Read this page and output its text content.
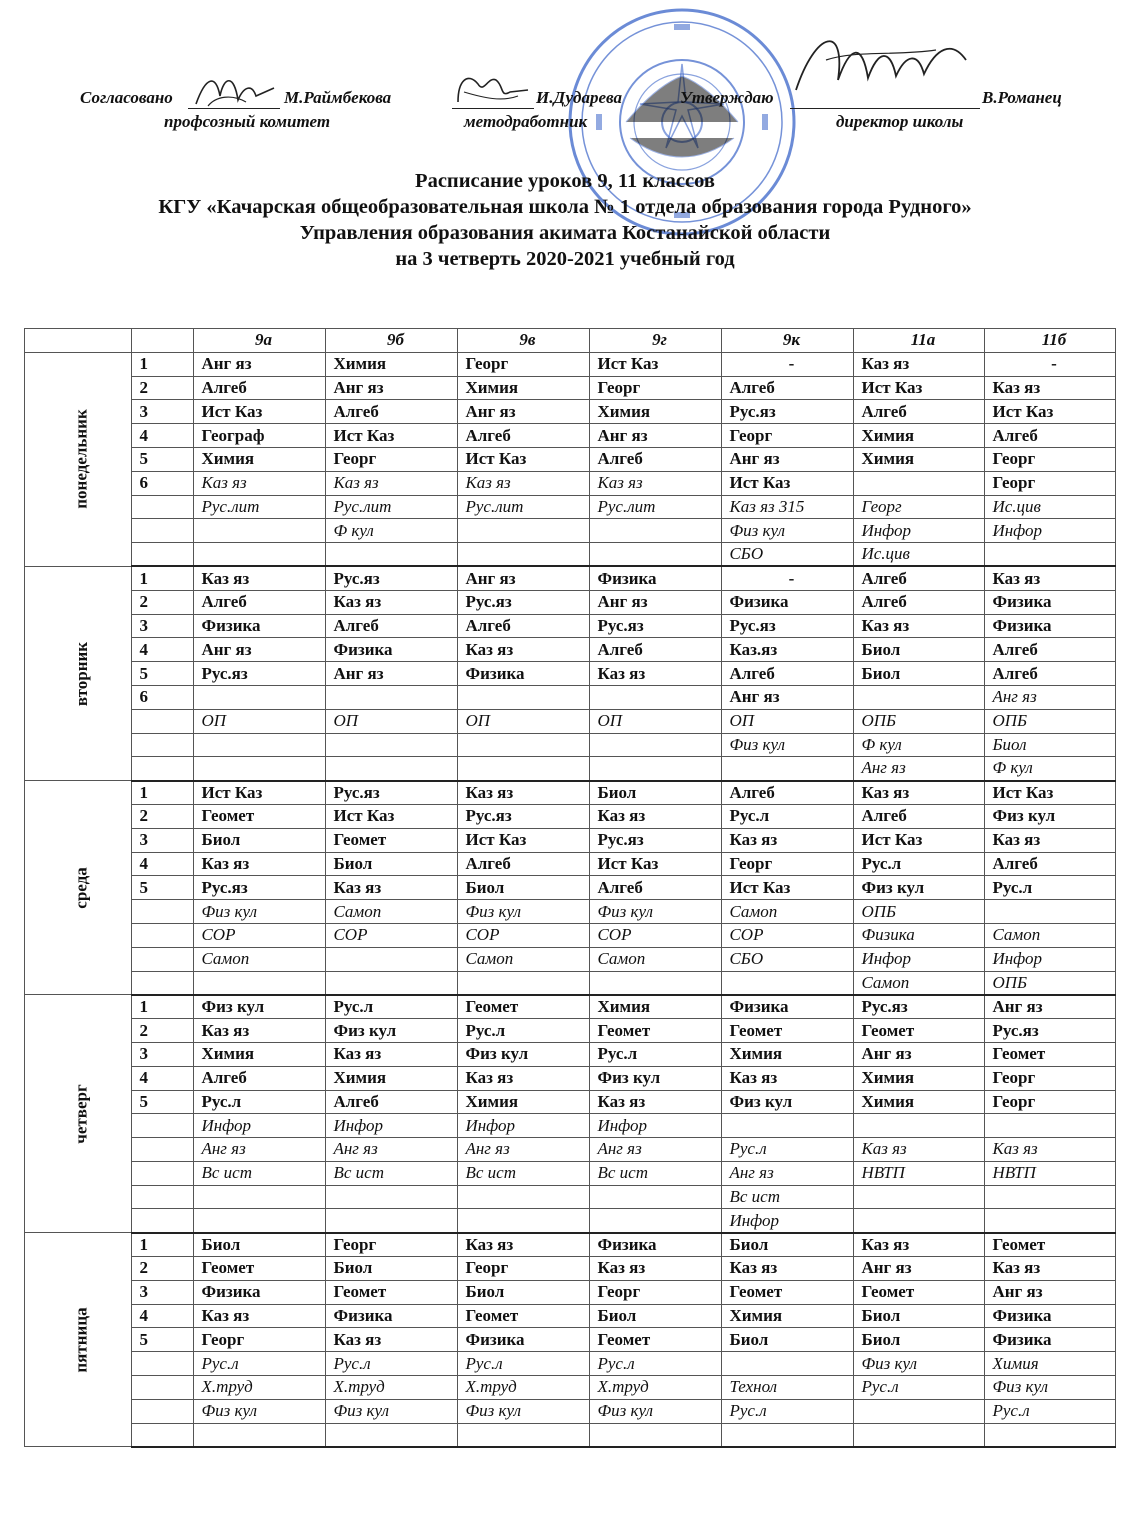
Согласовано	М.Раймбекова
профсозный комитет
И.Дударева
методработник
Утверждаю	В.Романец
директор школы
Расписание уроков 9, 11 классов
КГУ «Качарская общеобразовательная школа № 1 отдела образования города Рудного»
Управления образования акимата Костанайской области
на 3 четверть 2020-2021 учебный год
		9а	9б	9в	9г	9к	11а	11б
понедельник	1	Анг яз	Химия	Георг	Ист Каз	-	Каз яз	-
	2	Алгеб	Анг яз	Химия	Георг	Алгеб	Ист Каз	Каз яз
	3	Ист Каз	Алгеб	Анг яз	Химия	Рус.яз	Алгеб	Ист Каз
	4	Географ	Ист Каз	Алгеб	Анг яз	Георг	Химия	Алгеб
	5	Химия	Георг	Ист Каз	Алгеб	Анг яз	Химия	Георг
	6	Каз яз	Каз яз	Каз яз	Каз яз	Ист Каз		Георг
		Рус.лит	Рус.лит	Рус.лит	Рус.лит	Каз яз 315	Георг	Ис.цив
			Ф кул			Физ кул	Инфор	Инфор
						СБО	Ис.цив	
вторник	1	Каз яз	Рус.яз	Анг яз	Физика	-	Алгеб	Каз яз
	2	Алгеб	Каз яз	Рус.яз	Анг яз	Физика	Алгеб	Физика
	3	Физика	Алгеб	Алгеб	Рус.яз	Рус.яз	Каз яз	Физика
	4	Анг яз	Физика	Каз яз	Алгеб	Каз.яз	Биол	Алгеб
	5	Рус.яз	Анг яз	Физика	Каз яз	Алгеб	Биол	Алгеб
	6					Анг яз		Анг яз
		ОП	ОП	ОП	ОП	ОП	ОПБ	ОПБ
						Физ кул	Ф кул	Биол
							Анг яз	Ф кул
среда	1	Ист Каз	Рус.яз	Каз яз	Биол	Алгеб	Каз яз	Ист Каз
	2	Геомет	Ист Каз	Рус.яз	Каз яз	Рус.л	Алгеб	Физ кул
	3	Биол	Геомет	Ист Каз	Рус.яз	Каз яз	Ист Каз	Каз яз
	4	Каз яз	Биол	Алгеб	Ист Каз	Георг	Рус.л	Алгеб
	5	Рус.яз	Каз яз	Биол	Алгеб	Ист Каз	Физ кул	Рус.л
		Физ кул	Самоп	Физ кул	Физ кул	Самоп	ОПБ	
		СОР	СОР	СОР	СОР	СОР	Физика	Самоп
		Самоп		Самоп	Самоп	СБО	Инфор	Инфор
							Самоп	ОПБ
четверг	1	Физ кул	Рус.л	Геомет	Химия	Физика	Рус.яз	Анг яз
	2	Каз яз	Физ кул	Рус.л	Геомет	Геомет	Геомет	Рус.яз
	3	Химия	Каз яз	Физ кул	Рус.л	Химия	Анг яз	Геомет
	4	Алгеб	Химия	Каз яз	Физ кул	Каз яз	Химия	Георг
	5	Рус.л	Алгеб	Химия	Каз яз	Физ кул	Химия	Георг
		Инфор	Инфор	Инфор	Инфор			
		Анг яз	Анг яз	Анг яз	Анг яз	Рус.л	Каз яз	Каз яз
		Вс ист	Вс ист	Вс ист	Вс ист	Анг яз	НВТП	НВТП
						Вс ист		
						Инфор		
пятница	1	Биол	Георг	Каз яз	Физика	Биол	Каз яз	Геомет
	2	Геомет	Биол	Георг	Каз яз	Каз яз	Анг яз	Каз яз
	3	Физика	Геомет	Биол	Георг	Геомет	Геомет	Анг яз
	4	Каз яз	Физика	Геомет	Биол	Химия	Биол	Физика
	5	Георг	Каз яз	Физика	Геомет	Биол	Биол	Физика
		Рус.л	Рус.л	Рус.л	Рус.л		Физ кул	Химия
		Х.труд	Х.труд	Х.труд	Х.труд	Технол	Рус.л	Физ кул
		Физ кул	Физ кул	Физ кул	Физ кул	Рус.л		Рус.л
